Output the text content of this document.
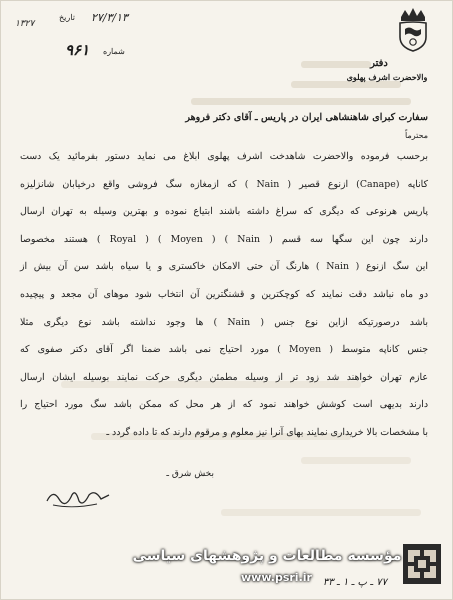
دفتر
والاحضرت اشرف پهلوی
۱۳۲۷
تاریخ ۲۷/۳/۱۳
شماره
۹۶۱
سفارت کبرای شاهنشاهی ایران در پاریس ـ آقای دکتر فروهر
محترماً
برحسب فرموده والاحضرت شاهدخت اشرف پهلوی ابلاغ می نماید دستور بفرمائید یک دست
کاناپه (Canape) ازنوع قصیر ( Nain ) که ازمغازه سگ فروشی واقع درخیابان شانزلیزه
پاریس هرنوعی که دیگری که سراغ داشته باشند ابتیاع نموده و بهترین وسیله به تهران ارسال
دارند چون این سگها سه قسم ( Nain ) ( Moyen ) ( Royal ) هستند مخصوصا
این سگ ازنوع ( Nain ) هارنگ آن حتی الامکان خاکستری و یا سیاه باشد سن آن بیش از
دو ماه نباشد دقت نمایند که کوچکترین و قشنگترین آن انتخاب شود موهای آن مجعد و پیچیده
باشد درصورتیکه ازاین نوع جنس ( Nain ) ها وجود نداشته باشد نوع دیگری مثلا
جنس کاناپه متوسط ( Moyen ) مورد احتیاج نمی باشد ضمنا اگر آقای دکتر صفوی که
عازم تهران خواهند شد زود تر از وسیله مطمئن دیگری حرکت نمایند بوسیله ایشان ارسال
دارند بدیهی است کوشش خواهند نمود که از هر محل که ممکن باشد سگ مورد احتیاج را
با مشخصات بالا خریداری نمایند بهای آنرا نیز معلوم و مرقوم دارند که تا داده گردد ـ
بخش شرق ـ
مؤسسه مطالعات و پژوهشهای سیاسی
www.psri.ir	۷۷ ـ پ ـ ۱ ـ ۳۳
